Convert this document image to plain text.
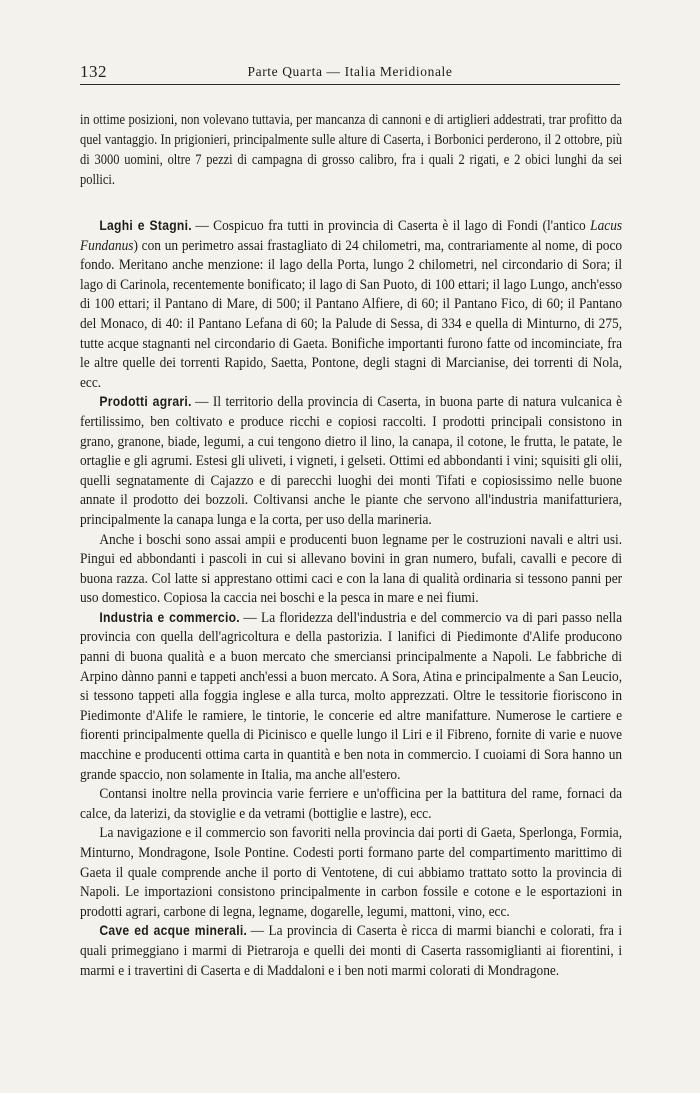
132	Parte Quarta — Italia Meridionale
in ottime posizioni, non volevano tuttavia, per mancanza di cannoni e di artiglieri addestrati, trar profitto da quel vantaggio. In prigionieri, principalmente sulle alture di Caserta, i Borbonici perderono, il 2 ottobre, più di 3000 uomini, oltre 7 pezzi di campagna di grosso calibro, fra i quali 2 rigati, e 2 obici lunghi da sei pollici.

Laghi e Stagni. — Cospicuo fra tutti in provincia di Caserta è il lago di Fondi (l'antico Lacus Fundanus) con un perimetro assai frastagliato di 24 chilometri, ma, contrariamente al nome, di poco fondo. Meritano anche menzione: il lago della Porta, lungo 2 chilometri, nel circondario di Sora; il lago di Carinola, recentemente bonificato; il lago di San Puoto, di 100 ettari; il lago Lungo, anch'esso di 100 ettari; il Pantano di Mare, di 500; il Pantano Alfiere, di 60; il Pantano Fico, di 60; il Pantano del Monaco, di 40: il Pantano Lefana di 60; la Palude di Sessa, di 334 e quella di Minturno, di 275, tutte acque stagnanti nel circondario di Gaeta. Bonifiche importanti furono fatte od incominciate, fra le altre quelle dei torrenti Rapido, Saetta, Pontone, degli stagni di Marcianise, dei torrenti di Nola, ecc.

Prodotti agrari. — Il territorio della provincia di Caserta, in buona parte di natura vulcanica è fertilissimo, ben coltivato e produce ricchi e copiosi raccolti. I prodotti principali consistono in grano, granone, biade, legumi, a cui tengono dietro il lino, la canapa, il cotone, le frutta, le patate, le ortaglie e gli agrumi. Estesi gli uliveti, i vigneti, i gelseti. Ottimi ed abbondanti i vini; squisiti gli olii, quelli segnatamente di Cajazzo e di parecchi luoghi dei monti Tifati e copiosissimo nelle buone annate il prodotto dei bozzoli. Coltivansi anche le piante che servono all'industria manifatturiera, principalmente la canapa lunga e la corta, per uso della marineria.

Anche i boschi sono assai ampii e producenti buon legname per le costruzioni navali e altri usi. Pingui ed abbondanti i pascoli in cui si allevano bovini in gran numero, bufali, cavalli e pecore di buona razza. Col latte si apprestano ottimi caci e con la lana di qualità ordinaria si tessono panni per uso domestico. Copiosa la caccia nei boschi e la pesca in mare e nei fiumi.

Industria e commercio. — La floridezza dell'industria e del commercio va di pari passo nella provincia con quella dell'agricoltura e della pastorizia. I lanifici di Piedimonte d'Alife producono panni di buona qualità e a buon mercato che smerciansi principalmente a Napoli. Le fabbriche di Arpino dànno panni e tappeti anch'essi a buon mercato. A Sora, Atina e principalmente a San Leucio, si tessono tappeti alla foggia inglese e alla turca, molto apprezzati. Oltre le tessitorie fioriscono in Piedimonte d'Alife le ramiere, le tintorie, le concerie ed altre manifatture. Numerose le cartiere e fiorenti principalmente quella di Picinisco e quelle lungo il Liri e il Fibreno, fornite di varie e nuove macchine e producenti ottima carta in quantità e ben nota in commercio. I cuoiami di Sora hanno un grande spaccio, non solamente in Italia, ma anche all'estero.

Contansi inoltre nella provincia varie ferriere e un'officina per la battitura del rame, fornaci da calce, da laterizi, da stoviglie e da vetrami (bottiglie e lastre), ecc.

La navigazione e il commercio son favoriti nella provincia dai porti di Gaeta, Sperlonga, Formia, Minturno, Mondragone, Isole Pontine. Codesti porti formano parte del compartimento marittimo di Gaeta il quale comprende anche il porto di Ventotene, di cui abbiamo trattato sotto la provincia di Napoli. Le importazioni consistono principalmente in carbon fossile e cotone e le esportazioni in prodotti agrari, carbone di legna, legname, dogarelle, legumi, mattoni, vino, ecc.

Cave ed acque minerali. — La provincia di Caserta è ricca di marmi bianchi e colorati, fra i quali primeggiano i marmi di Pietraroja e quelli dei monti di Caserta rassomiglianti ai fiorentini, i marmi e i travertini di Caserta e di Maddaloni e i ben noti marmi colorati di Mondragone.
